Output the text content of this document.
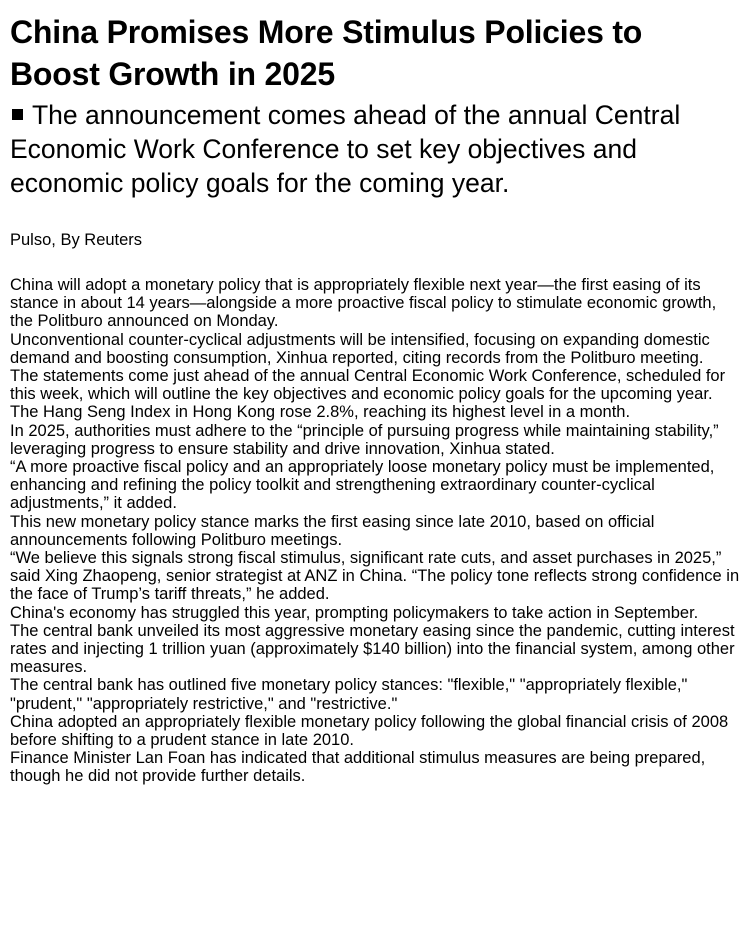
China Promises More Stimulus Policies to Boost Growth in 2025

The announcement comes ahead of the annual Central Economic Work Conference to set key objectives and economic policy goals for the coming year.

Pulso, By Reuters

China will adopt a monetary policy that is appropriately flexible next year—the first easing of its stance in about 14 years—alongside a more proactive fiscal policy to stimulate economic growth, the Politburo announced on Monday.

Unconventional counter-cyclical adjustments will be intensified, focusing on expanding domestic demand and boosting consumption, Xinhua reported, citing records from the Politburo meeting.

The statements come just ahead of the annual Central Economic Work Conference, scheduled for this week, which will outline the key objectives and economic policy goals for the upcoming year.

The Hang Seng Index in Hong Kong rose 2.8%, reaching its highest level in a month.

In 2025, authorities must adhere to the “principle of pursuing progress while maintaining stability,” leveraging progress to ensure stability and drive innovation, Xinhua stated.

“A more proactive fiscal policy and an appropriately loose monetary policy must be implemented, enhancing and refining the policy toolkit and strengthening extraordinary counter-cyclical adjustments,” it added.

This new monetary policy stance marks the first easing since late 2010, based on official announcements following Politburo meetings.

“We believe this signals strong fiscal stimulus, significant rate cuts, and asset purchases in 2025,” said Xing Zhaopeng, senior strategist at ANZ in China. “The policy tone reflects strong confidence in the face of Trump’s tariff threats,” he added.

China's economy has struggled this year, prompting policymakers to take action in September.

The central bank unveiled its most aggressive monetary easing since the pandemic, cutting interest rates and injecting 1 trillion yuan (approximately $140 billion) into the financial system, among other measures.

The central bank has outlined five monetary policy stances: "flexible," "appropriately flexible," "prudent," "appropriately restrictive," and "restrictive."

China adopted an appropriately flexible monetary policy following the global financial crisis of 2008 before shifting to a prudent stance in late 2010.

Finance Minister Lan Foan has indicated that additional stimulus measures are being prepared, though he did not provide further details.
